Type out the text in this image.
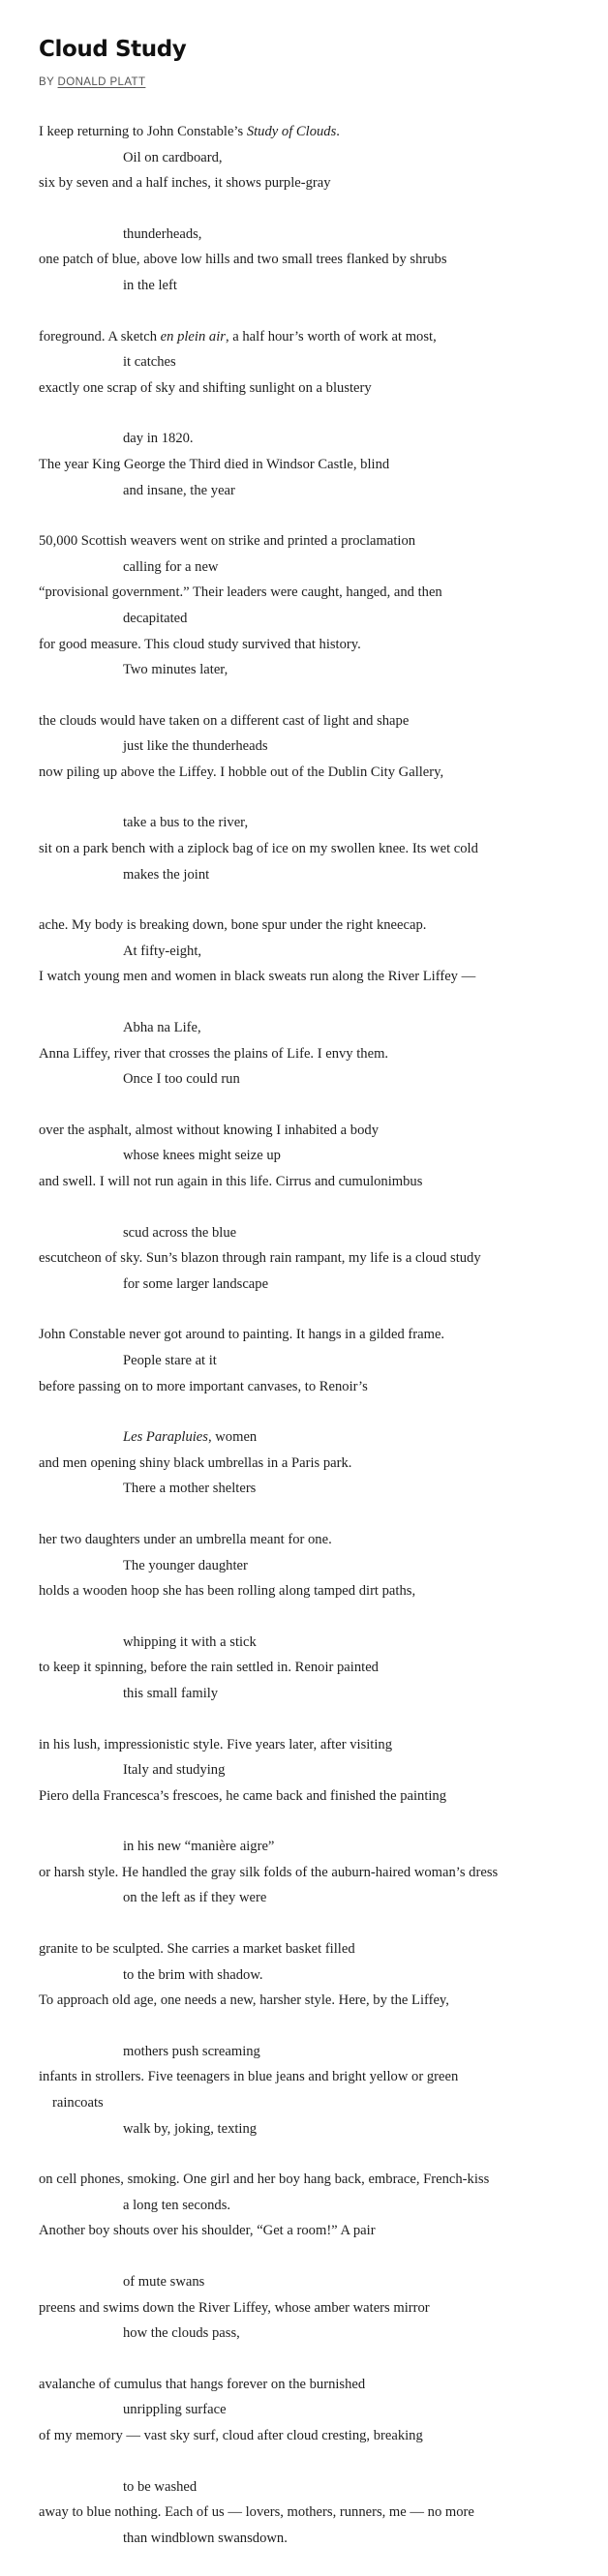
Cloud Study
BY DONALD PLATT
I keep returning to John Constable’s Study of Clouds.
Oil on cardboard,
six by seven and a half inches, it shows purple-gray
thunderheads,
one patch of blue, above low hills and two small trees flanked by shrubs
in the left
foreground. A sketch en plein air, a half hour’s worth of work at most,
it catches
exactly one scrap of sky and shifting sunlight on a blustery
day in 1820.
The year King George the Third died in Windsor Castle, blind
and insane, the year
50,000 Scottish weavers went on strike and printed a proclamation
calling for a new
“provisional government.” Their leaders were caught, hanged, and then
decapitated
for good measure. This cloud study survived that history.
Two minutes later,
the clouds would have taken on a different cast of light and shape
just like the thunderheads
now piling up above the Liffey. I hobble out of the Dublin City Gallery,
take a bus to the river,
sit on a park bench with a ziplock bag of ice on my swollen knee. Its wet cold
makes the joint
ache. My body is breaking down, bone spur under the right kneecap.
At fifty-eight,
I watch young men and women in black sweats run along the River Liffey —
Abha na Life,
Anna Liffey, river that crosses the plains of Life. I envy them.
Once I too could run
over the asphalt, almost without knowing I inhabited a body
whose knees might seize up
and swell. I will not run again in this life. Cirrus and cumulonimbus
scud across the blue
escutcheon of sky. Sun’s blazon through rain rampant, my life is a cloud study
for some larger landscape
John Constable never got around to painting. It hangs in a gilded frame.
People stare at it
before passing on to more important canvases, to Renoir’s
Les Parapluies, women
and men opening shiny black umbrellas in a Paris park.
There a mother shelters
her two daughters under an umbrella meant for one.
The younger daughter
holds a wooden hoop she has been rolling along tamped dirt paths,
whipping it with a stick
to keep it spinning, before the rain settled in. Renoir painted
this small family
in his lush, impressionistic style. Five years later, after visiting
Italy and studying
Piero della Francesca’s frescoes, he came back and finished the painting
in his new “manière aigre”
or harsh style. He handled the gray silk folds of the auburn-haired woman’s dress
on the left as if they were
granite to be sculpted. She carries a market basket filled
to the brim with shadow.
To approach old age, one needs a new, harsher style. Here, by the Liffey,
mothers push screaming
infants in strollers. Five teenagers in blue jeans and bright yellow or green
raincoats
walk by, joking, texting
on cell phones, smoking. One girl and her boy hang back, embrace, French-kiss
a long ten seconds.
Another boy shouts over his shoulder, “Get a room!” A pair
of mute swans
preens and swims down the River Liffey, whose amber waters mirror
how the clouds pass,
avalanche of cumulus that hangs forever on the burnished
unrippling surface
of my memory — vast sky surf, cloud after cloud cresting, breaking
to be washed
away to blue nothing. Each of us — lovers, mothers, runners, me — no more
than windblown swansdown.
